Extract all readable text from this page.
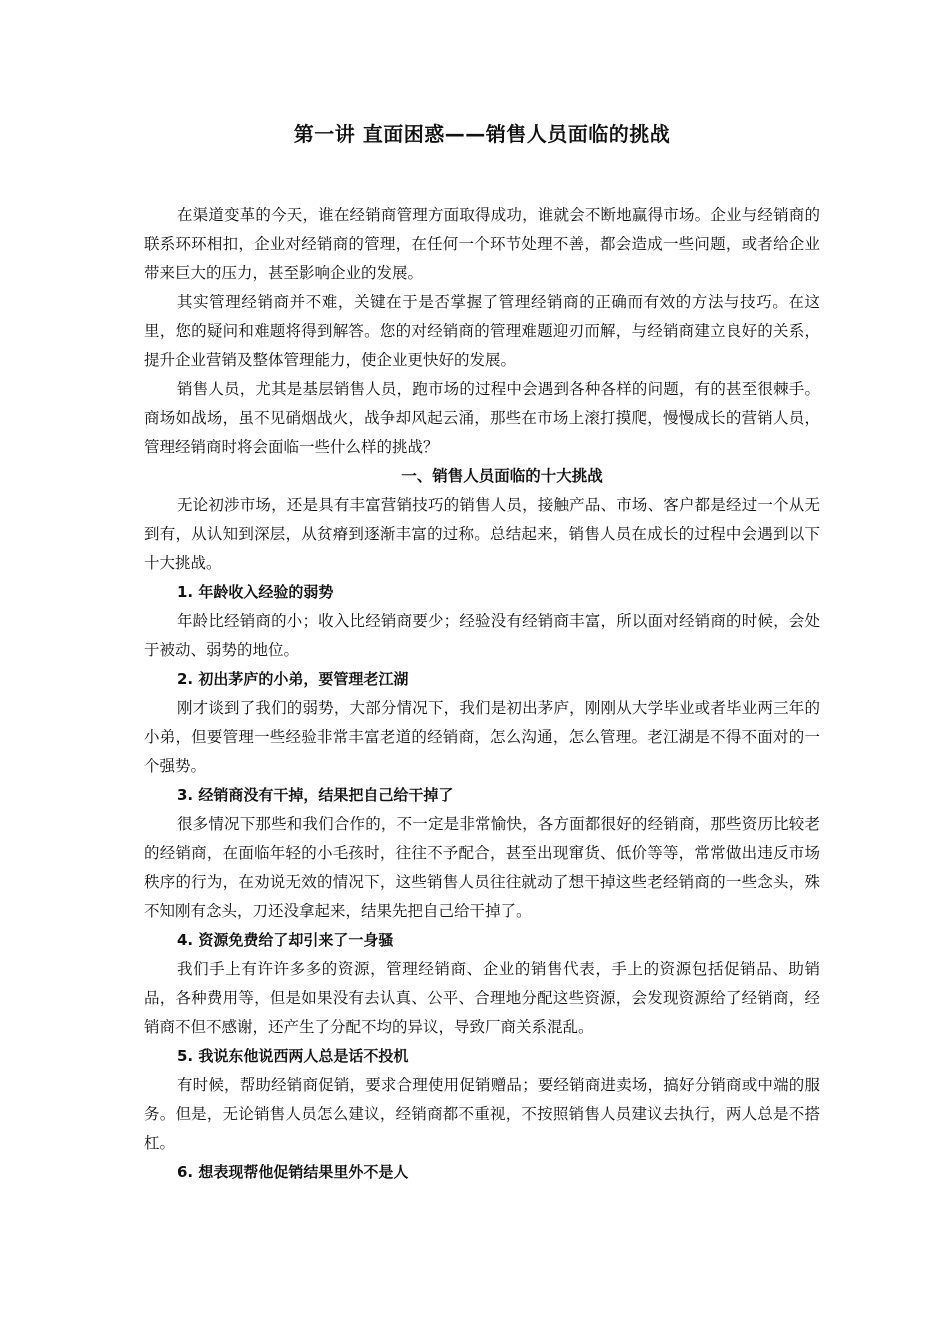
第一讲 直面困惑——销售人员面临的挑战

在渠道变革的今天，谁在经销商管理方面取得成功，谁就会不断地赢得市场。企业与经销商的联系环环相扣，企业对经销商的管理，在任何一个环节处理不善，都会造成一些问题，或者给企业带来巨大的压力，甚至影响企业的发展。

其实管理经销商并不难，关键在于是否掌握了管理经销商的正确而有效的方法与技巧。在这里，您的疑问和难题将得到解答。您的对经销商的管理难题迎刃而解，与经销商建立良好的关系，提升企业营销及整体管理能力，使企业更快好的发展。

销售人员，尤其是基层销售人员，跑市场的过程中会遇到各种各样的问题，有的甚至很棘手。商场如战场，虽不见硝烟战火，战争却风起云涌，那些在市场上滚打摸爬，慢慢成长的营销人员，管理经销商时将会面临一些什么样的挑战？

一、销售人员面临的十大挑战

无论初涉市场，还是具有丰富营销技巧的销售人员，接触产品、市场、客户都是经过一个从无到有，从认知到深层，从贫瘠到逐渐丰富的过称。总结起来，销售人员在成长的过程中会遇到以下十大挑战。

1. 年龄收入经验的弱势

年龄比经销商的小；收入比经销商要少；经验没有经销商丰富，所以面对经销商的时候，会处于被动、弱势的地位。

2. 初出茅庐的小弟，要管理老江湖

刚才谈到了我们的弱势，大部分情况下，我们是初出茅庐，刚刚从大学毕业或者毕业两三年的小弟，但要管理一些经验非常丰富老道的经销商，怎么沟通，怎么管理。老江湖是不得不面对的一个强势。

3. 经销商没有干掉，结果把自己给干掉了

很多情况下那些和我们合作的，不一定是非常愉快，各方面都很好的经销商，那些资历比较老的经销商，在面临年轻的小毛孩时，往往不予配合，甚至出现窜货、低价等等，常常做出违反市场秩序的行为，在劝说无效的情况下，这些销售人员往往就动了想干掉这些老经销商的一些念头，殊不知刚有念头，刀还没拿起来，结果先把自己给干掉了。

4. 资源免费给了却引来了一身骚

我们手上有许许多多的资源，管理经销商、企业的销售代表，手上的资源包括促销品、助销品，各种费用等，但是如果没有去认真、公平、合理地分配这些资源，会发现资源给了经销商，经销商不但不感谢，还产生了分配不均的异议，导致厂商关系混乱。

5. 我说东他说西两人总是话不投机

有时候，帮助经销商促销，要求合理使用促销赠品；要经销商进卖场，搞好分销商或中端的服务。但是，无论销售人员怎么建议，经销商都不重视，不按照销售人员建议去执行，两人总是不搭杠。

6. 想表现帮他促销结果里外不是人
